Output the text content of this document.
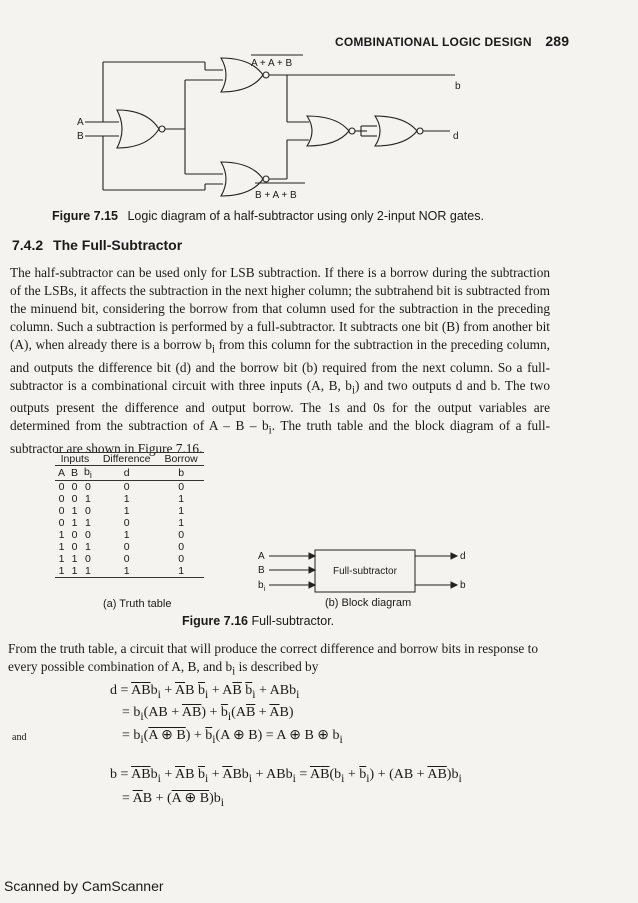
COMBINATIONAL LOGIC DESIGN 289
A
B
A + A + B
B + A + B
b
d
Figure 7.15 Logic diagram of a half-subtractor using only 2-input NOR gates.
7.4.2 The Full-Subtractor

The half-subtractor can be used only for LSB subtraction. If there is a borrow during the subtraction of the LSBs, it affects the subtraction in the next higher column; the subtrahend bit is subtracted from the minuend bit, considering the borrow from that column used for the subtraction in the preceding column. Such a subtraction is performed by a full-subtractor. It subtracts one bit (B) from another bit (A), when already there is a borrow $b_i$ from this column for the subtraction in the preceding column, and outputs the difference bit (d) and the borrow bit (b) required from the next column. So a full-subtractor is a combinational circuit with three inputs (A, B, $b_i$) and two outputs d and b. The two outputs present the difference and output borrow. The 1s and 0s for the output variables are determined from the subtraction of A – B – $b_i$. The truth table and the block diagram of a full-subtractor are shown in Figure 7.16.

Inputs			Difference	Borrow
A	B	$b_i$	d	b
0	0	0	0	0
0	0	1	1	1
0	1	0	1	1
0	1	1	0	1
1	0	0	1	0
1	0	1	0	0
1	1	0	0	0
1	1	1	1	1
(a) Truth table
A
B
$b_i$
Full-subtractor
d
b
(b) Block diagram
Figure 7.16 Full-subtractor.

From the truth table, a circuit that will produce the correct difference and borrow bits in response to every possible combination of A, B, and $b_i$ is described by

$d = \overline{A}\overline{B}b_i + \overline{A}B$ $\overline{b}_i + A\overline{B}$ $\overline{b}_i + ABb_i$
= $b_i(AB + \overline{A}\overline{B}) + \overline{b}_i(A\overline{B} + \overline{A}B)$
and	= $b_i(A$ ⊕ $B) + \overline{b}_i(A$ ⊕ B) = A ⊕ B ⊕ $b_i$
$b = \overline{A}\overline{B}b_i + \overline{A}B$ $\overline{b}_i + \overline{A}Bb_i + ABb_i = \overline{A}\overline{B}(b_i + \overline{b}_i) + (AB + \overline{A}\overline{B})b_i$
= $\overline{A}B + (A$ ⊕ $B)b_i$
Scanned by CamScanner
